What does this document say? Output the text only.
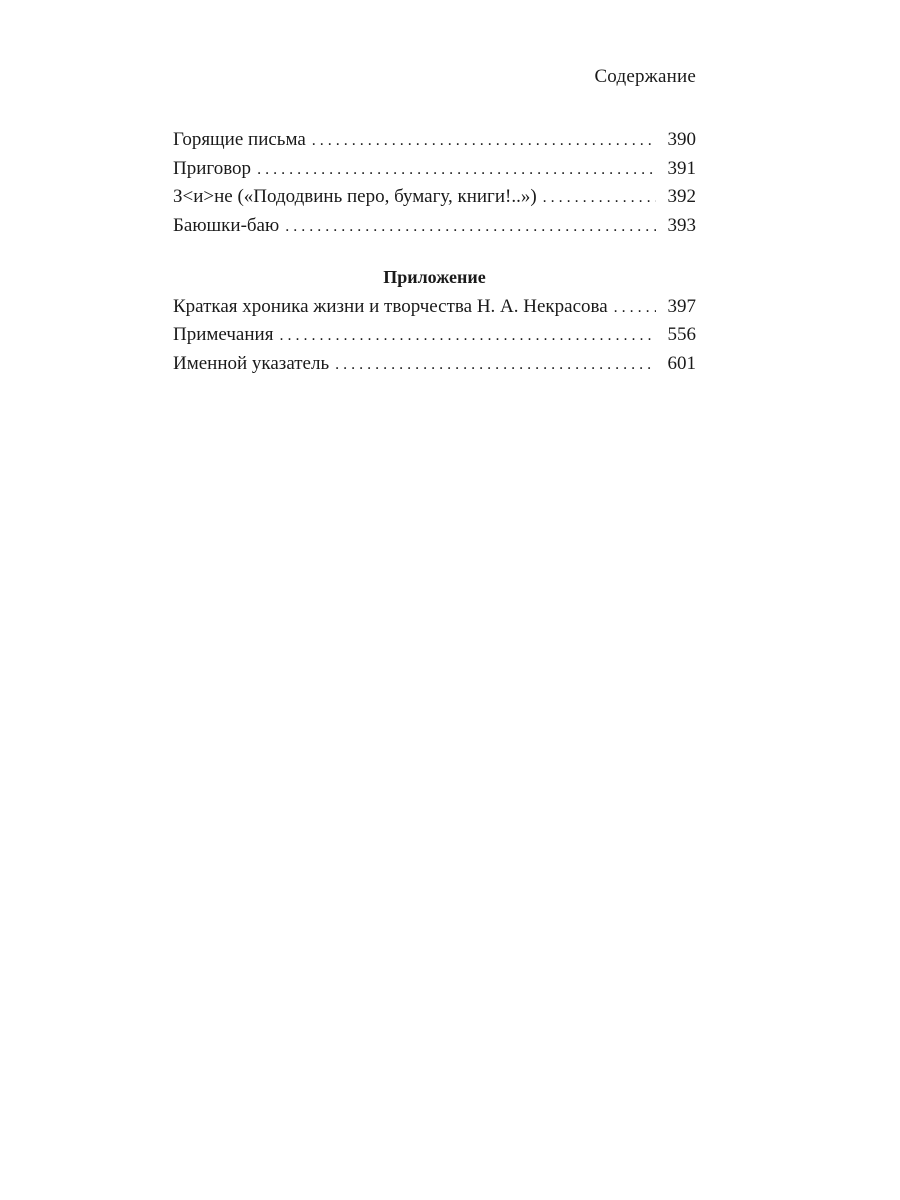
Содержание
Горящие письма . . .	390
Приговор . . .	391
З<и>не («Пододвинь перо, бумагу, книги!..») . . .	392
Баюшки-баю . . .	393
Приложение
Краткая хроника жизни и творчества Н. А. Некрасова . . .	397
Примечания . . .	556
Именной указатель . . .	601
